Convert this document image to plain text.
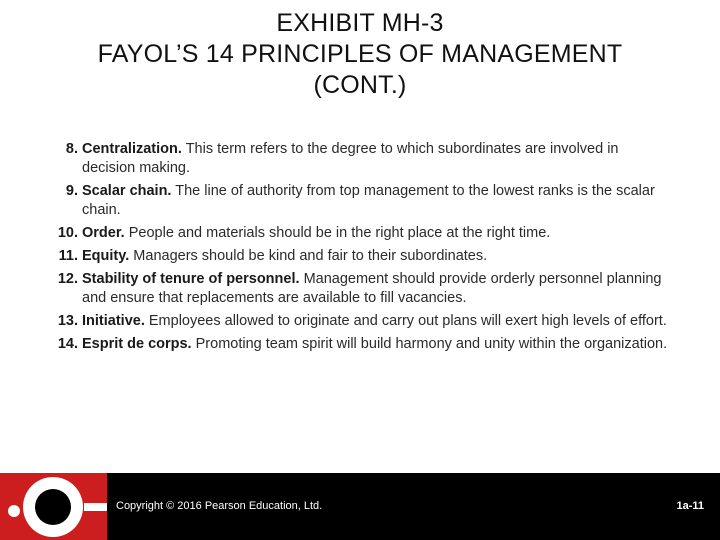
EXHIBIT MH-3
FAYOL’S 14 PRINCIPLES OF MANAGEMENT
(CONT.)
8. Centralization. This term refers to the degree to which subordinates are involved in decision making.
9. Scalar chain. The line of authority from top management to the lowest ranks is the scalar chain.
10. Order. People and materials should be in the right place at the right time.
11. Equity. Managers should be kind and fair to their subordinates.
12. Stability of tenure of personnel. Management should provide orderly personnel planning and ensure that replacements are available to fill vacancies.
13. Initiative. Employees allowed to originate and carry out plans will exert high levels of effort.
14. Esprit de corps. Promoting team spirit will build harmony and unity within the organization.
Copyright © 2016 Pearson Education, Ltd.	1a-11
